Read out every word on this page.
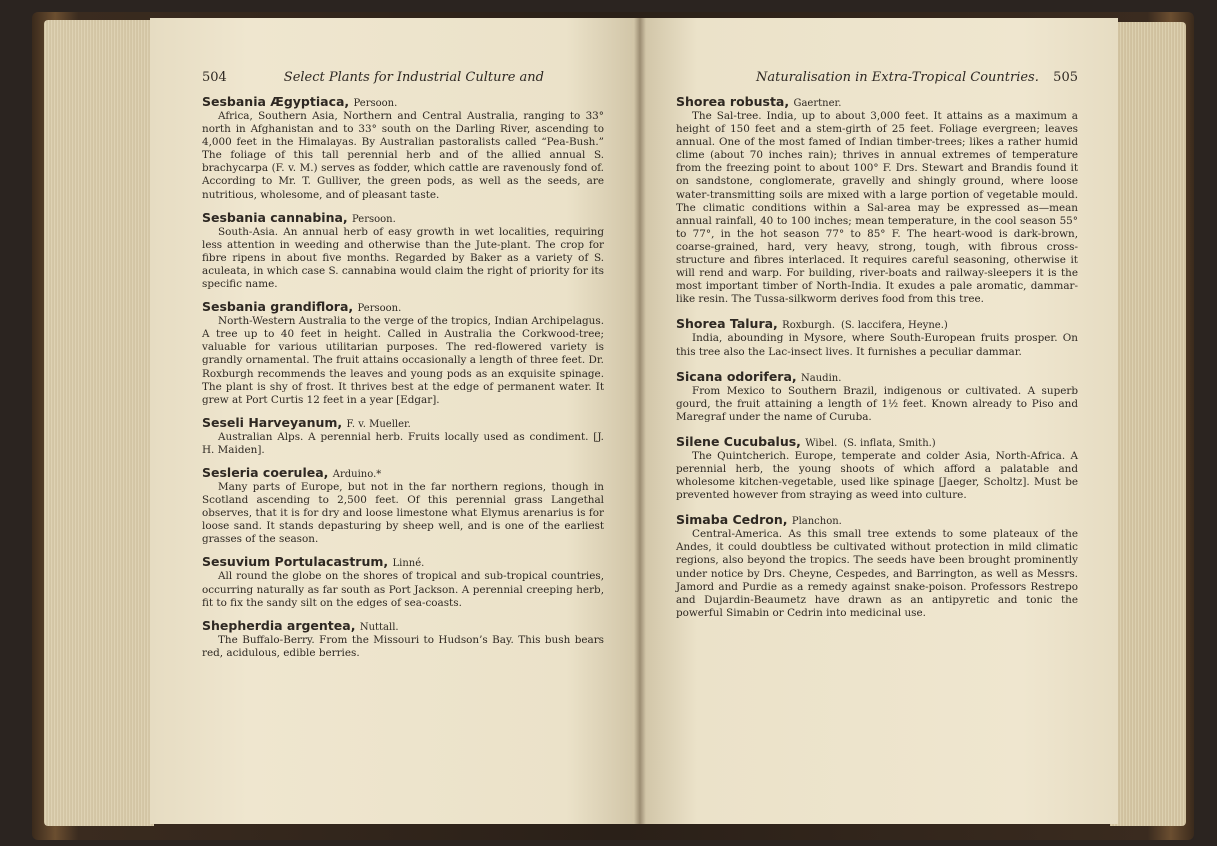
504	Select Plants for Industrial Culture and

Sesbania Ægyptiaca, Persoon.

Africa, Southern Asia, Northern and Central Australia, ranging to 33° north in Afghanistan and to 33° south on the Darling River, ascending to 4,000 feet in the Himalayas. By Australian pastoralists called “Pea-Bush.” The foliage of this tall perennial herb and of the allied annual S. brachycarpa (F. v. M.) serves as fodder, which cattle are ravenously fond of. According to Mr. T. Gulliver, the green pods, as well as the seeds, are nutritious, wholesome, and of pleasant taste.

Sesbania cannabina, Persoon.

South-Asia. An annual herb of easy growth in wet localities, requiring less attention in weeding and otherwise than the Jute-plant. The crop for fibre ripens in about five months. Regarded by Baker as a variety of S. aculeata, in which case S. cannabina would claim the right of priority for its specific name.

Sesbania grandiflora, Persoon.

North-Western Australia to the verge of the tropics, Indian Archipelagus. A tree up to 40 feet in height. Called in Australia the Corkwood-tree; valuable for various utilitarian purposes. The red-flowered variety is grandly ornamental. The fruit attains occasionally a length of three feet. Dr. Roxburgh recommends the leaves and young pods as an exquisite spinage. The plant is shy of frost. It thrives best at the edge of permanent water. It grew at Port Curtis 12 feet in a year [Edgar].

Seseli Harveyanum, F. v. Mueller.

Australian Alps. A perennial herb. Fruits locally used as condiment. [J. H. Maiden].

Sesleria coerulea, Arduino.*

Many parts of Europe, but not in the far northern regions, though in Scotland ascending to 2,500 feet. Of this perennial grass Langethal observes, that it is for dry and loose limestone what Elymus arenarius is for loose sand. It stands depasturing by sheep well, and is one of the earliest grasses of the season.

Sesuvium Portulacastrum, Linné.

All round the globe on the shores of tropical and sub-tropical countries, occurring naturally as far south as Port Jackson. A perennial creeping herb, fit to fix the sandy silt on the edges of sea-coasts.

Shepherdia argentea, Nuttall.

The Buffalo-Berry. From the Missouri to Hudson’s Bay. This bush bears red, acidulous, edible berries.

Naturalisation in Extra-Tropical Countries. 505

Shorea robusta, Gaertner.

The Sal-tree. India, up to about 3,000 feet. It attains as a maximum a height of 150 feet and a stem-girth of 25 feet. Foliage evergreen; leaves annual. One of the most famed of Indian timber-trees; likes a rather humid clime (about 70 inches rain); thrives in annual extremes of temperature from the freezing point to about 100° F. Drs. Stewart and Brandis found it on sandstone, conglomerate, gravelly and shingly ground, where loose water-transmitting soils are mixed with a large portion of vegetable mould. The climatic conditions within a Sal-area may be expressed as—mean annual rainfall, 40 to 100 inches; mean temperature, in the cool season 55° to 77°, in the hot season 77° to 85° F. The heart-wood is dark-brown, coarse-grained, hard, very heavy, strong, tough, with fibrous cross-structure and fibres interlaced. It requires careful seasoning, otherwise it will rend and warp. For building, river-boats and railway-sleepers it is the most important timber of North-India. It exudes a pale aromatic, dammar-like resin. The Tussa-silkworm derives food from this tree.

Shorea Talura, Roxburgh. (S. laccifera, Heyne.)

India, abounding in Mysore, where South-European fruits prosper. On this tree also the Lac-insect lives. It furnishes a peculiar dammar.

Sicana odorifera, Naudin.

From Mexico to Southern Brazil, indigenous or cultivated. A superb gourd, the fruit attaining a length of 1½ feet. Known already to Piso and Maregraf under the name of Curuba.

Silene Cucubalus, Wibel. (S. inflata, Smith.)

The Quintcherich. Europe, temperate and colder Asia, North-Africa. A perennial herb, the young shoots of which afford a palatable and wholesome kitchen-vegetable, used like spinage [Jaeger, Scholtz]. Must be prevented however from straying as weed into culture.

Simaba Cedron, Planchon.

Central-America. As this small tree extends to some plateaux of the Andes, it could doubtless be cultivated without protection in mild climatic regions, also beyond the tropics. The seeds have been brought prominently under notice by Drs. Cheyne, Cespedes, and Barrington, as well as Messrs. Jamord and Purdie as a remedy against snake-poison. Professors Restrepo and Dujardin-Beaumetz have drawn as an antipyretic and tonic the powerful Simabin or Cedrin into medicinal use.
